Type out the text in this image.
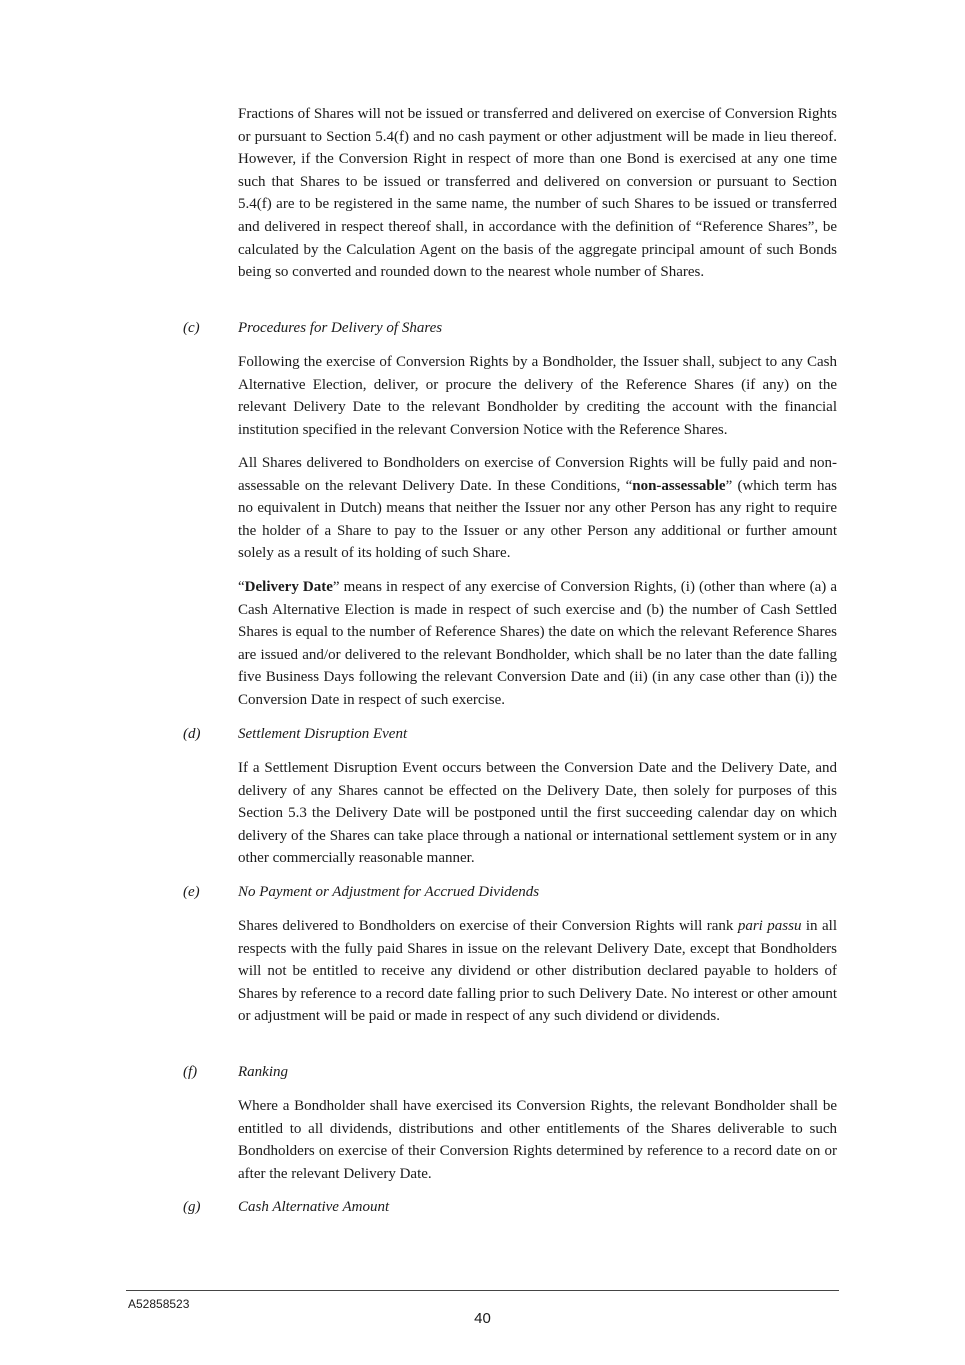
Fractions of Shares will not be issued or transferred and delivered on exercise of Conversion Rights or pursuant to Section 5.4(f) and no cash payment or other adjustment will be made in lieu thereof. However, if the Conversion Right in respect of more than one Bond is exercised at any one time such that Shares to be issued or transferred and delivered on conversion or pursuant to Section 5.4(f) are to be registered in the same name, the number of such Shares to be issued or transferred and delivered in respect thereof shall, in accordance with the definition of “Reference Shares”, be calculated by the Calculation Agent on the basis of the aggregate principal amount of such Bonds being so converted and rounded down to the nearest whole number of Shares.

(c)	Procedures for Delivery of Shares

Following the exercise of Conversion Rights by a Bondholder, the Issuer shall, subject to any Cash Alternative Election, deliver, or procure the delivery of the Reference Shares (if any) on the relevant Delivery Date to the relevant Bondholder by crediting the account with the financial institution specified in the relevant Conversion Notice with the Reference Shares.

All Shares delivered to Bondholders on exercise of Conversion Rights will be fully paid and non-assessable on the relevant Delivery Date. In these Conditions, “non-assessable” (which term has no equivalent in Dutch) means that neither the Issuer nor any other Person has any right to require the holder of a Share to pay to the Issuer or any other Person any additional or further amount solely as a result of its holding of such Share.

“Delivery Date” means in respect of any exercise of Conversion Rights, (i) (other than where (a) a Cash Alternative Election is made in respect of such exercise and (b) the number of Cash Settled Shares is equal to the number of Reference Shares) the date on which the relevant Reference Shares are issued and/or delivered to the relevant Bondholder, which shall be no later than the date falling five Business Days following the relevant Conversion Date and (ii) (in any case other than (i)) the Conversion Date in respect of such exercise.

(d)	Settlement Disruption Event

If a Settlement Disruption Event occurs between the Conversion Date and the Delivery Date, and delivery of any Shares cannot be effected on the Delivery Date, then solely for purposes of this Section 5.3 the Delivery Date will be postponed until the first succeeding calendar day on which delivery of the Shares can take place through a national or international settlement system or in any other commercially reasonable manner.

(e)	No Payment or Adjustment for Accrued Dividends

Shares delivered to Bondholders on exercise of their Conversion Rights will rank pari passu in all respects with the fully paid Shares in issue on the relevant Delivery Date, except that Bondholders will not be entitled to receive any dividend or other distribution declared payable to holders of Shares by reference to a record date falling prior to such Delivery Date. No interest or other amount or adjustment will be paid or made in respect of any such dividend or dividends.

(f)	Ranking

Where a Bondholder shall have exercised its Conversion Rights, the relevant Bondholder shall be entitled to all dividends, distributions and other entitlements of the Shares deliverable to such Bondholders on exercise of their Conversion Rights determined by reference to a record date on or after the relevant Delivery Date.

(g)	Cash Alternative Amount
A52858523
40
